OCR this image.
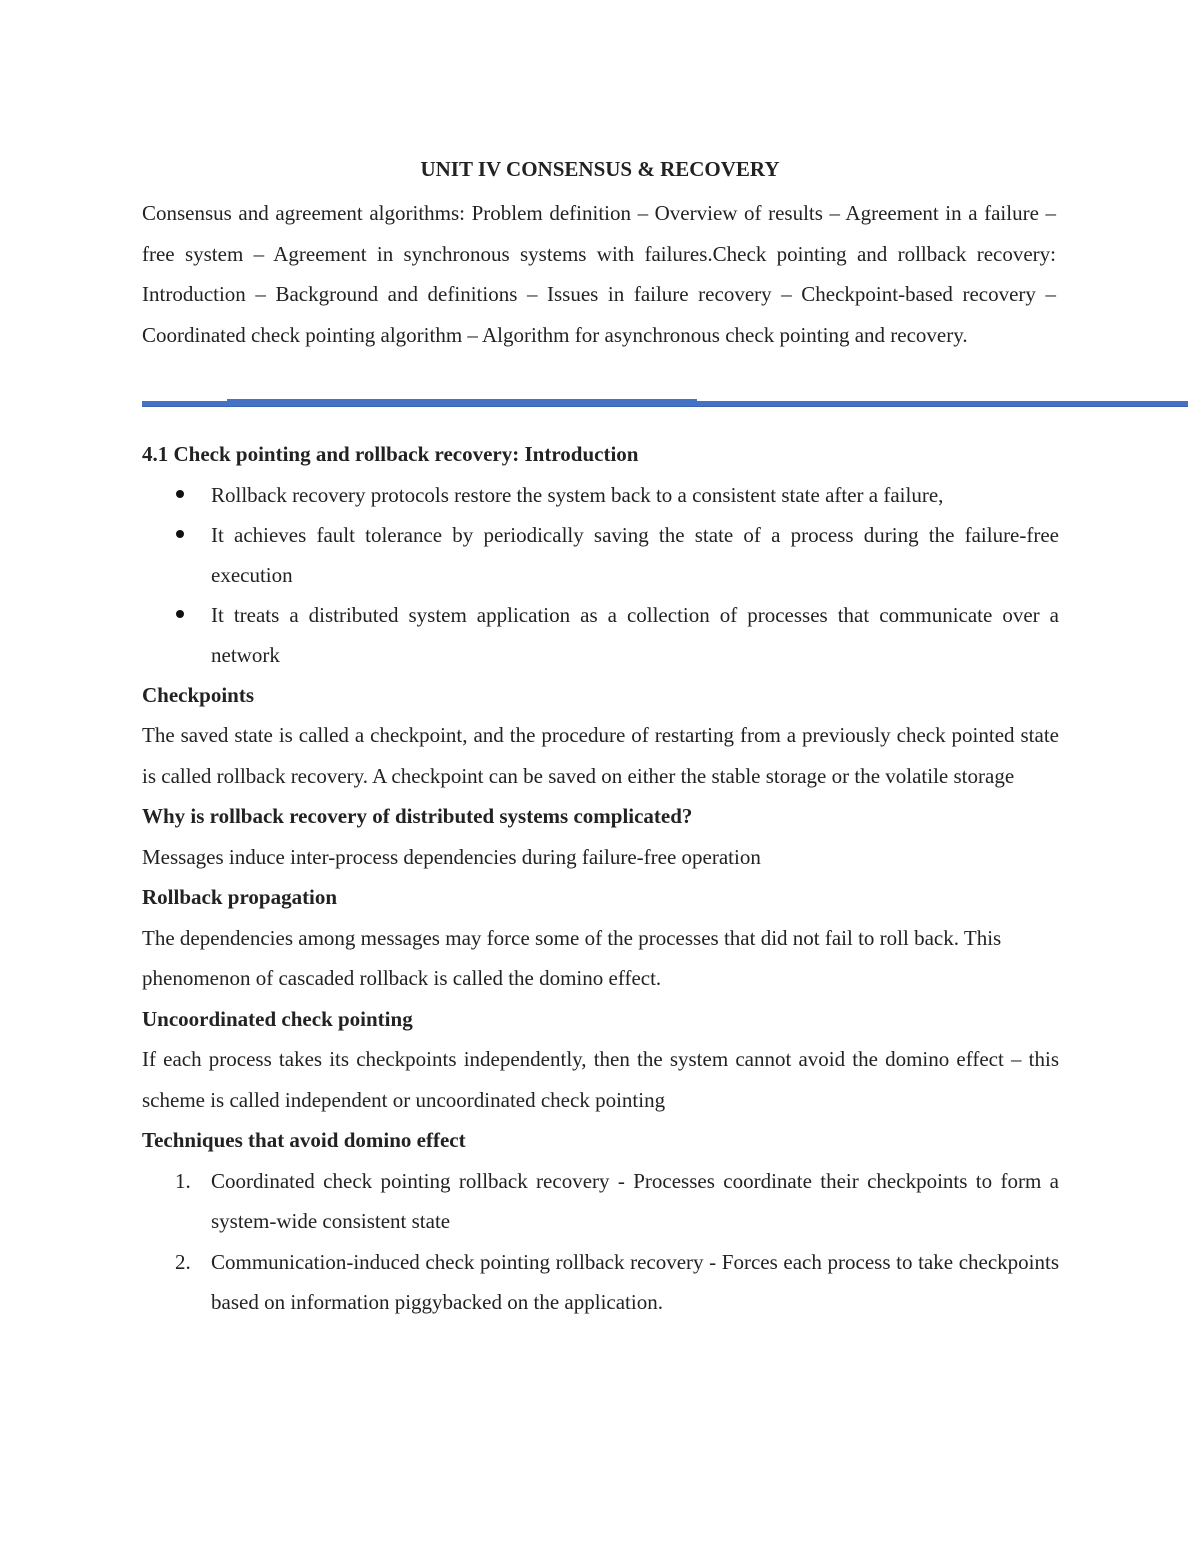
UNIT IV CONSENSUS & RECOVERY

Consensus and agreement algorithms: Problem definition – Overview of results – Agreement in a failure – free system – Agreement in synchronous systems with failures.Check pointing and rollback recovery: Introduction – Background and definitions – Issues in failure recovery – Checkpoint-based recovery – Coordinated check pointing algorithm – Algorithm for asynchronous check pointing and recovery.

4.1 Check pointing and rollback recovery: Introduction
Rollback recovery protocols restore the system back to a consistent state after a failure,
It achieves fault tolerance by periodically saving the state of a process during the failure-free execution
It treats a distributed system application as a collection of processes that communicate over a network
Checkpoints

The saved state is called a checkpoint, and the procedure of restarting from a previously check pointed state is called rollback recovery. A checkpoint can be saved on either the stable storage or the volatile storage

Why is rollback recovery of distributed systems complicated?

Messages induce inter-process dependencies during failure-free operation

Rollback propagation

The dependencies among messages may force some of the processes that did not fail to roll back. This phenomenon of cascaded rollback is called the domino effect.

Uncoordinated check pointing

If each process takes its checkpoints independently, then the system cannot avoid the domino effect – this scheme is called independent or uncoordinated check pointing

Techniques that avoid domino effect
1. Coordinated check pointing rollback recovery - Processes coordinate their checkpoints to form a system-wide consistent state
2. Communication-induced check pointing rollback recovery - Forces each process to take checkpoints based on information piggybacked on the application.
